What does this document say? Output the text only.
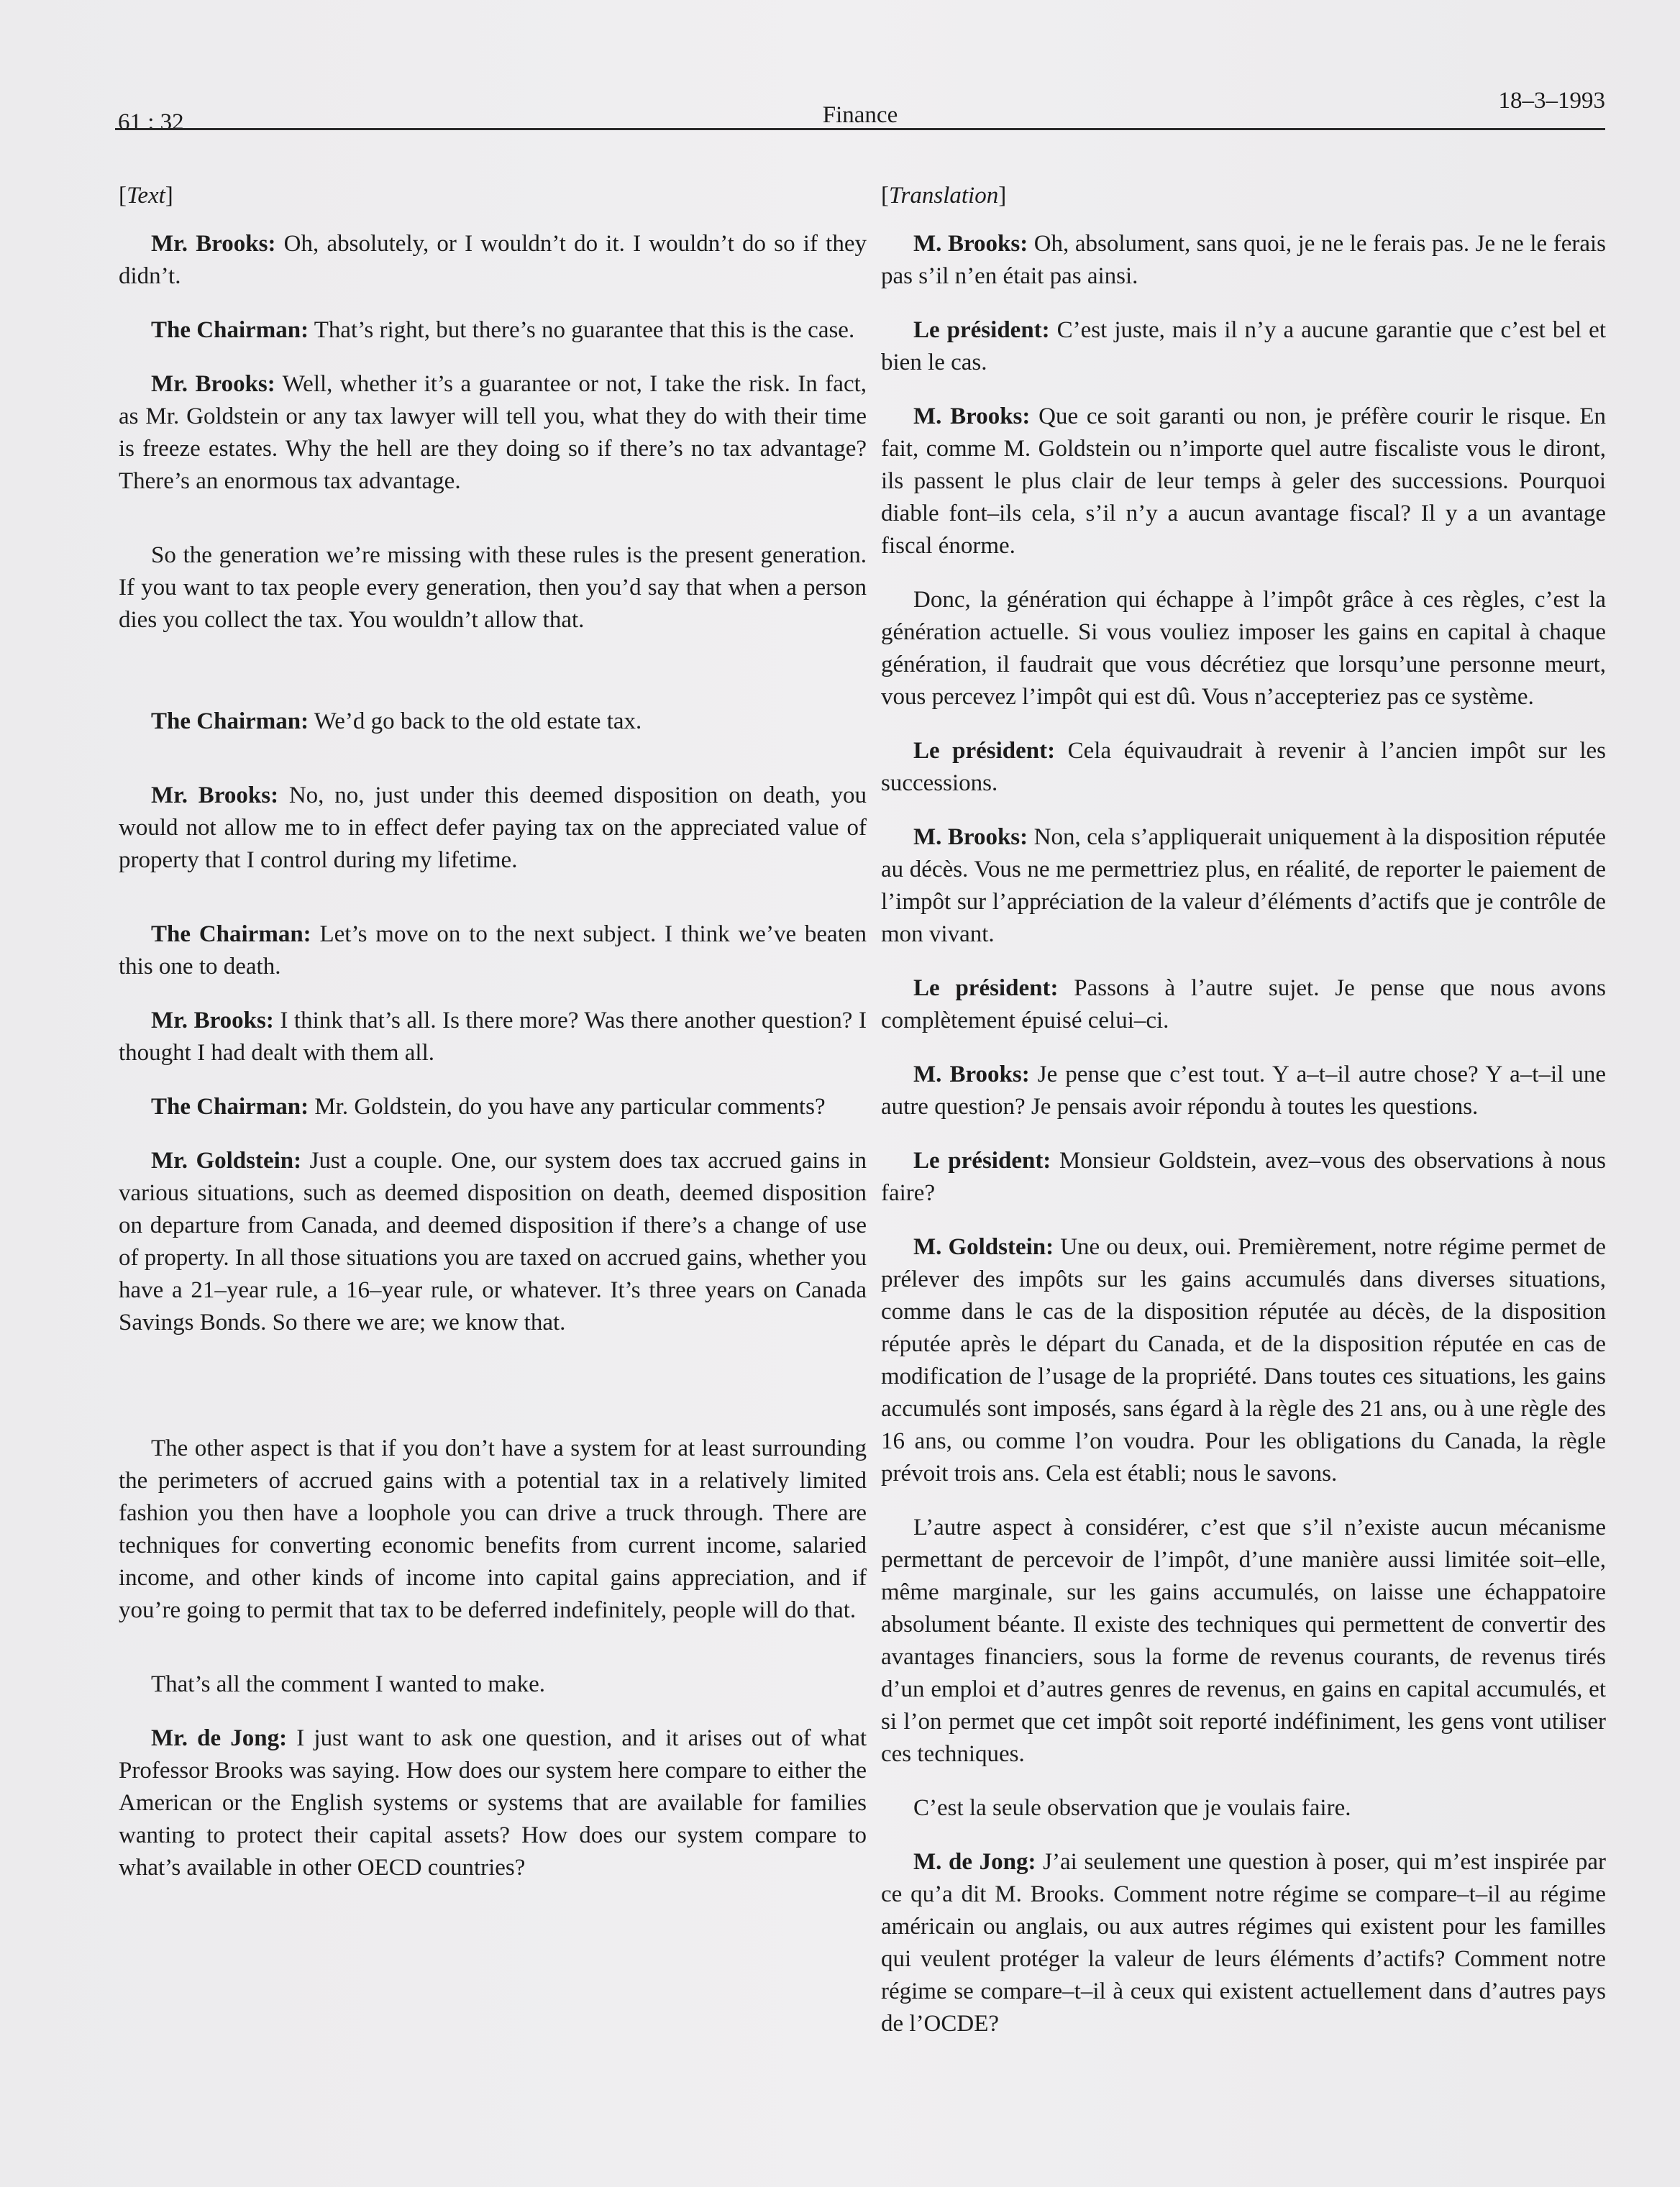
61 : 32	Finance
18–3–1993

[Text]

Mr. Brooks: Oh, absolutely, or I wouldn’t do it. I wouldn’t do so if they didn’t.

The Chairman: That’s right, but there’s no guarantee that this is the case.

Mr. Brooks: Well, whether it’s a guarantee or not, I take the risk. In fact, as Mr. Goldstein or any tax lawyer will tell you, what they do with their time is freeze estates. Why the hell are they doing so if there’s no tax advantage? There’s an enormous tax advantage.

So the generation we’re missing with these rules is the present generation. If you want to tax people every generation, then you’d say that when a person dies you collect the tax. You wouldn’t allow that.

The Chairman: We’d go back to the old estate tax.

Mr. Brooks: No, no, just under this deemed disposition on death, you would not allow me to in effect defer paying tax on the appreciated value of property that I control during my lifetime.

The Chairman: Let’s move on to the next subject. I think we’ve beaten this one to death.

Mr. Brooks: I think that’s all. Is there more? Was there another question? I thought I had dealt with them all.

The Chairman: Mr. Goldstein, do you have any particular comments?

Mr. Goldstein: Just a couple. One, our system does tax accrued gains in various situations, such as deemed disposition on death, deemed disposition on departure from Canada, and deemed disposition if there’s a change of use of property. In all those situations you are taxed on accrued gains, whether you have a 21–year rule, a 16–year rule, or whatever. It’s three years on Canada Savings Bonds. So there we are; we know that.

The other aspect is that if you don’t have a system for at least surrounding the perimeters of accrued gains with a potential tax in a relatively limited fashion you then have a loophole you can drive a truck through. There are techniques for converting economic benefits from current income, salaried income, and other kinds of income into capital gains appreciation, and if you’re going to permit that tax to be deferred indefinitely, people will do that.

That’s all the comment I wanted to make.

Mr. de Jong: I just want to ask one question, and it arises out of what Professor Brooks was saying. How does our system here compare to either the American or the English systems or systems that are available for families wanting to protect their capital assets? How does our system compare to what’s available in other OECD countries?

[Translation]

M. Brooks: Oh, absolument, sans quoi, je ne le ferais pas. Je ne le ferais pas s’il n’en était pas ainsi.

Le président: C’est juste, mais il n’y a aucune garantie que c’est bel et bien le cas.

M. Brooks: Que ce soit garanti ou non, je préfère courir le risque. En fait, comme M. Goldstein ou n’importe quel autre fiscaliste vous le diront, ils passent le plus clair de leur temps à geler des successions. Pourquoi diable font–ils cela, s’il n’y a aucun avantage fiscal? Il y a un avantage fiscal énorme.

Donc, la génération qui échappe à l’impôt grâce à ces règles, c’est la génération actuelle. Si vous vouliez imposer les gains en capital à chaque génération, il faudrait que vous décrétiez que lorsqu’une personne meurt, vous percevez l’impôt qui est dû. Vous n’accepteriez pas ce système.

Le président: Cela équivaudrait à revenir à l’ancien impôt sur les successions.

M. Brooks: Non, cela s’appliquerait uniquement à la disposition réputée au décès. Vous ne me permettriez plus, en réalité, de reporter le paiement de l’impôt sur l’appréciation de la valeur d’éléments d’actifs que je contrôle de mon vivant.

Le président: Passons à l’autre sujet. Je pense que nous avons complètement épuisé celui–ci.

M. Brooks: Je pense que c’est tout. Y a–t–il autre chose? Y a–t–il une autre question? Je pensais avoir répondu à toutes les questions.

Le président: Monsieur Goldstein, avez–vous des observations à nous faire?

M. Goldstein: Une ou deux, oui. Premièrement, notre régime permet de prélever des impôts sur les gains accumulés dans diverses situations, comme dans le cas de la disposition réputée au décès, de la disposition réputée après le départ du Canada, et de la disposition réputée en cas de modification de l’usage de la propriété. Dans toutes ces situations, les gains accumulés sont imposés, sans égard à la règle des 21 ans, ou à une règle des 16 ans, ou comme l’on voudra. Pour les obligations du Canada, la règle prévoit trois ans. Cela est établi; nous le savons.

L’autre aspect à considérer, c’est que s’il n’existe aucun mécanisme permettant de percevoir de l’impôt, d’une manière aussi limitée soit–elle, même marginale, sur les gains accumulés, on laisse une échappatoire absolument béante. Il existe des techniques qui permettent de convertir des avantages financiers, sous la forme de revenus courants, de revenus tirés d’un emploi et d’autres genres de revenus, en gains en capital accumulés, et si l’on permet que cet impôt soit reporté indéfiniment, les gens vont utiliser ces techniques.

C’est la seule observation que je voulais faire.

M. de Jong: J’ai seulement une question à poser, qui m’est inspirée par ce qu’a dit M. Brooks. Comment notre régime se compare–t–il au régime américain ou anglais, ou aux autres régimes qui existent pour les familles qui veulent protéger la valeur de leurs éléments d’actifs? Comment notre régime se compare–t–il à ceux qui existent actuellement dans d’autres pays de l’OCDE?
